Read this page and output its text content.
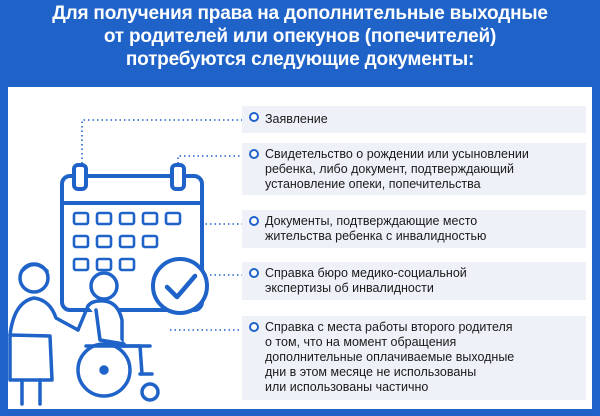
Для получения права на дополнительные выходные
от родителей или опекунов (попечителей)
потребуются следующие документы:
Заявление
Свидетельство о рождении или усыновлении
ребенка, либо документ, подтверждающий
установление опеки, попечительства
Документы, подтверждающие место
жительства ребенка с инвалидностью
Справка бюро медико-социальной
экспертизы об инвалидности
Справка с места работы второго родителя
о том, что на момент обращения
дополнительные оплачиваемые выходные
дни в этом месяце не использованы
или использованы частично
